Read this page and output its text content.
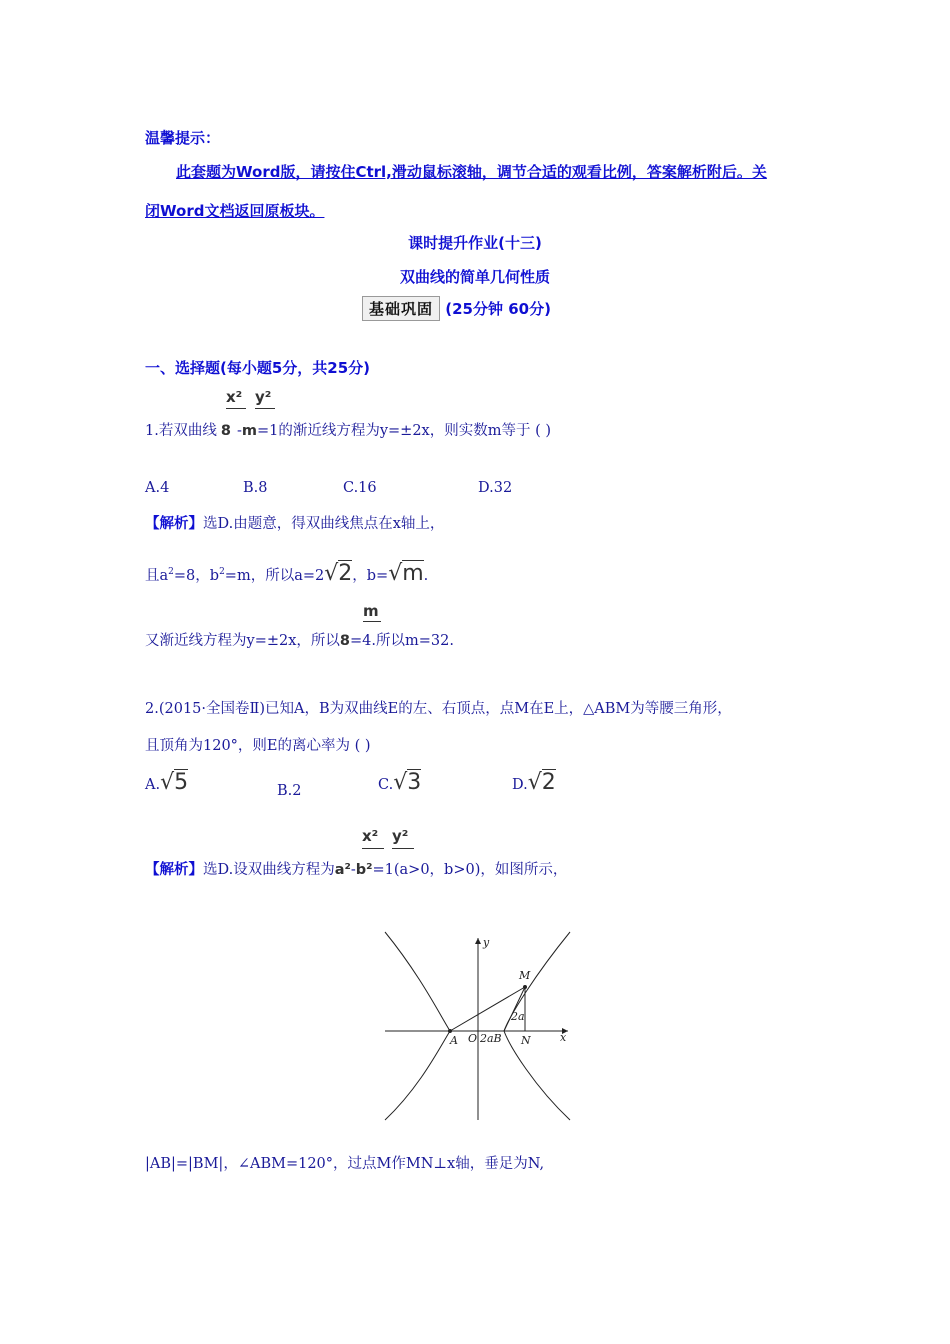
温馨提示：
此套题为Word版，请按住Ctrl,滑动鼠标滚轴，调节合适的观看比例，答案解析附后。关
闭Word文档返回原板块。
课时提升作业(十三)
双曲线的简单几何性质
基础巩固 (25分钟 60分)
一、选择题(每小题5分，共25分)
x² y²
1.若双曲线 8 -m=1的渐近线方程为y=±2x，则实数m等于 ( )
A.4	B.8	C.16	D.32
【解析】选D.由题意，得双曲线焦点在x轴上，
且$a^2=8$，$b^2=m$，所以a=2√2，b=√m.
m
又渐近线方程为y=±2x，所以8=4.所以m=32.
2.(2015·全国卷Ⅱ)已知A，B为双曲线E的左、右顶点，点M在E上，△ABM为等腰三角形，
且顶角为120°，则E的离心率为 ( )
A.√5	B.2	C.√3	D.√2
x² y²
【解析】选D.设双曲线方程为a²-b²=1(a>0，b>0)，如图所示，
y
x
M
A O 2aB N
2a
|AB|=|BM|，∠ABM=120°，过点M作MN⊥x轴，垂足为N,
